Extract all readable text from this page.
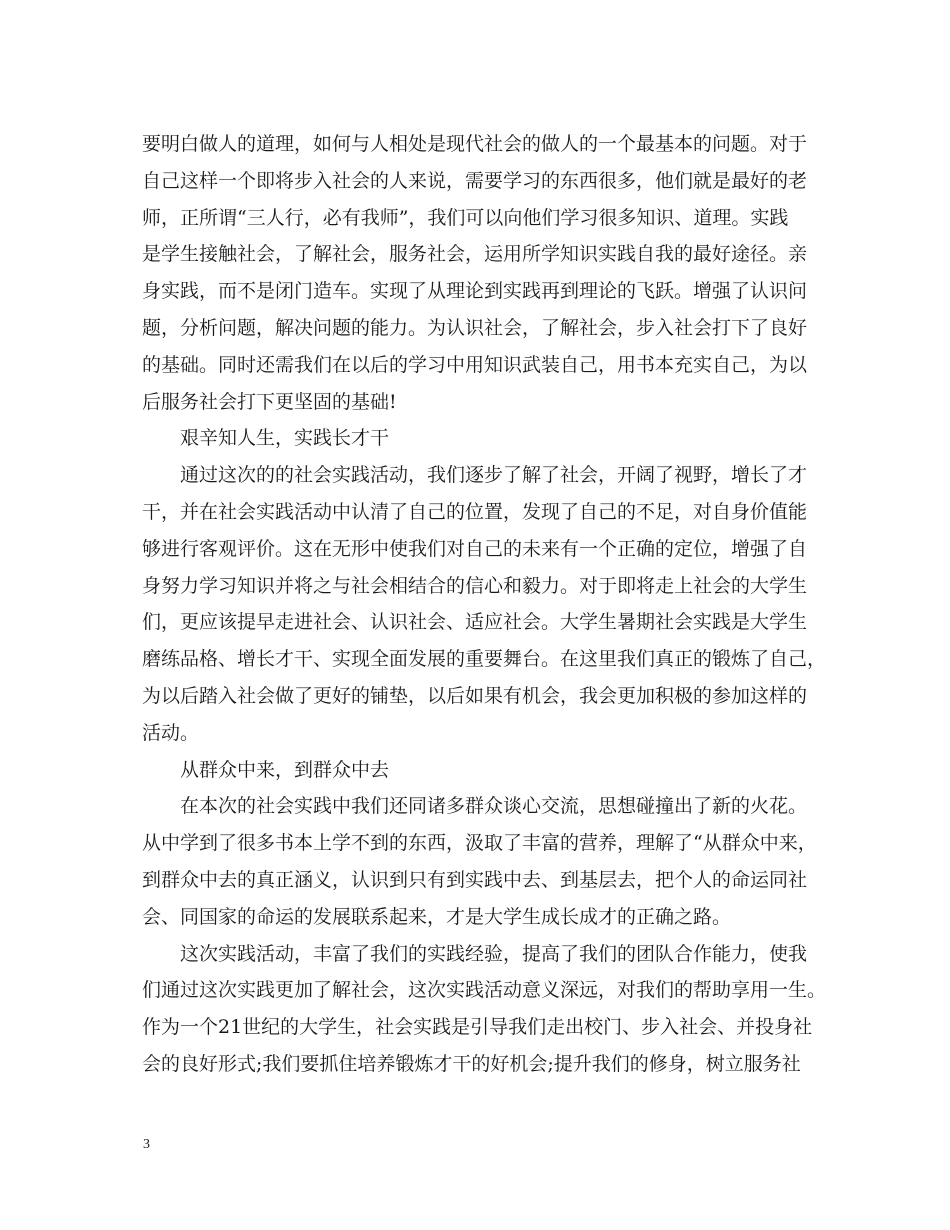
要明白做人的道理，如何与人相处是现代社会的做人的一个最基本的问题。对于
自己这样一个即将步入社会的人来说，需要学习的东西很多，他们就是最好的老
师，正所谓“三人行，必有我师”，我们可以向他们学习很多知识、道理。实践
是学生接触社会，了解社会，服务社会，运用所学知识实践自我的最好途径。亲
身实践，而不是闭门造车。实现了从理论到实践再到理论的飞跃。增强了认识问
题，分析问题，解决问题的能力。为认识社会，了解社会，步入社会打下了良好
的基础。同时还需我们在以后的学习中用知识武装自己，用书本充实自己，为以
后服务社会打下更坚固的基础!
艰辛知人生，实践长才干
通过这次的的社会实践活动，我们逐步了解了社会，开阔了视野，增长了才
干，并在社会实践活动中认清了自己的位置，发现了自己的不足，对自身价值能
够进行客观评价。这在无形中使我们对自己的未来有一个正确的定位，增强了自
身努力学习知识并将之与社会相结合的信心和毅力。对于即将走上社会的大学生
们，更应该提早走进社会、认识社会、适应社会。大学生暑期社会实践是大学生
磨练品格、增长才干、实现全面发展的重要舞台。在这里我们真正的锻炼了自己，
为以后踏入社会做了更好的铺垫，以后如果有机会，我会更加积极的参加这样的
活动。
从群众中来，到群众中去
在本次的社会实践中我们还同诸多群众谈心交流，思想碰撞出了新的火花。
从中学到了很多书本上学不到的东西，汲取了丰富的营养，理解了“从群众中来，
到群众中去的真正涵义，认识到只有到实践中去、到基层去，把个人的命运同社
会、同国家的命运的发展联系起来，才是大学生成长成才的正确之路。
这次实践活动，丰富了我们的实践经验，提高了我们的团队合作能力，使我
们通过这次实践更加了解社会，这次实践活动意义深远，对我们的帮助享用一生。
作为一个21世纪的大学生，社会实践是引导我们走出校门、步入社会、并投身社
会的良好形式;我们要抓住培养锻炼才干的好机会;提升我们的修身，树立服务社
3
